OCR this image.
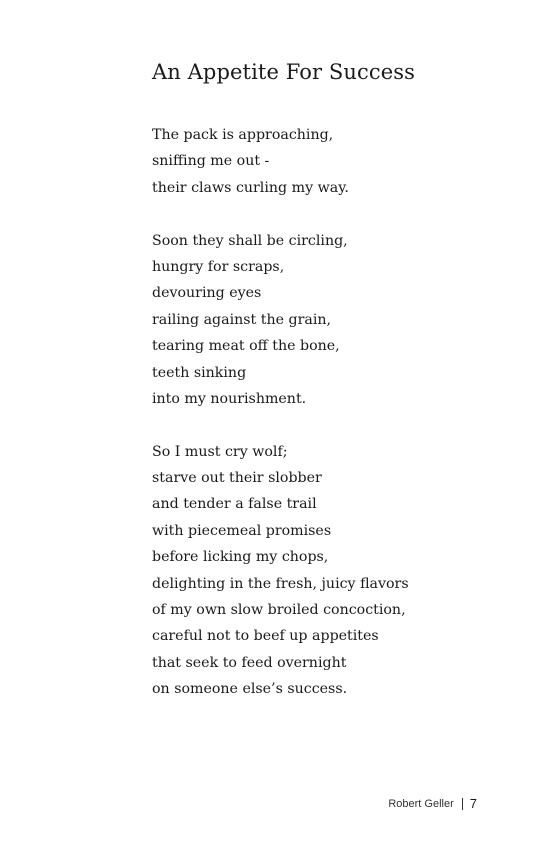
An Appetite For Success
The pack is approaching,
sniffing me out -
their claws curling my way.
Soon they shall be circling,
hungry for scraps,
devouring eyes
railing against the grain,
tearing meat off the bone,
teeth sinking
into my nourishment.
So I must cry wolf;
starve out their slobber
and tender a false trail
with piecemeal promises
before licking my chops,
delighting in the fresh, juicy flavors
of my own slow broiled concoction,
careful not to beef up appetites
that seek to feed overnight
on someone else’s success.
Robert Geller 7
